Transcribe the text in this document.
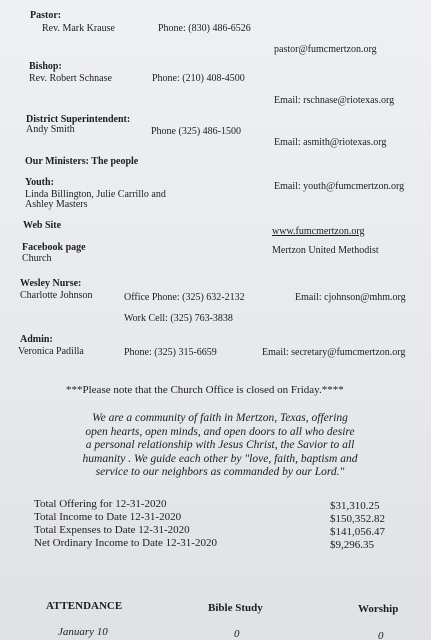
Pastor:
Rev. Mark Krause	Phone: (830) 486-6526
pastor@fumcmertzon.org
Bishop:
Rev. Robert Schnase	Phone: (210) 408-4500
Email: rschnase@riotexas.org
District Superintendent:
Andy Smith	Phone (325) 486-1500
Email: asmith@riotexas.org
Our Ministers: The people
Youth:
Linda Billington, Julie Carrillo and
Ashley Masters
Email: youth@fumcmertzon.org
Web Site
www.fumcmertzon.org
Facebook page
Church
Mertzon United Methodist
Wesley Nurse:
Charlotte Johnson	Office Phone: (325) 632-2132	Email: cjohnson@mhm.org
Work Cell: (325) 763-3838
Admin:
Veronica Padilla	Phone: (325) 315-6659	Email: secretary@fumcmertzon.org
***Please note that the Church Office is closed on Friday.****
We are a community of faith in Mertzon, Texas, offering
open hearts, open minds, and open doors to all who desire
a personal relationship with Jesus Christ, the Savior to all
humanity . We guide each other by "love, faith, baptism and
service to our neighbors as commanded by our Lord."
Total Offering for 12-31-2020	$31,310.25
Total Income to Date 12-31-2020	$150,352.82
Total Expenses to Date 12-31-2020	$141,056.47
Net Ordinary Income to Date 12-31-2020	$9,296.35
ATTENDANCE	Bible Study	Worship
January 10	0	0
